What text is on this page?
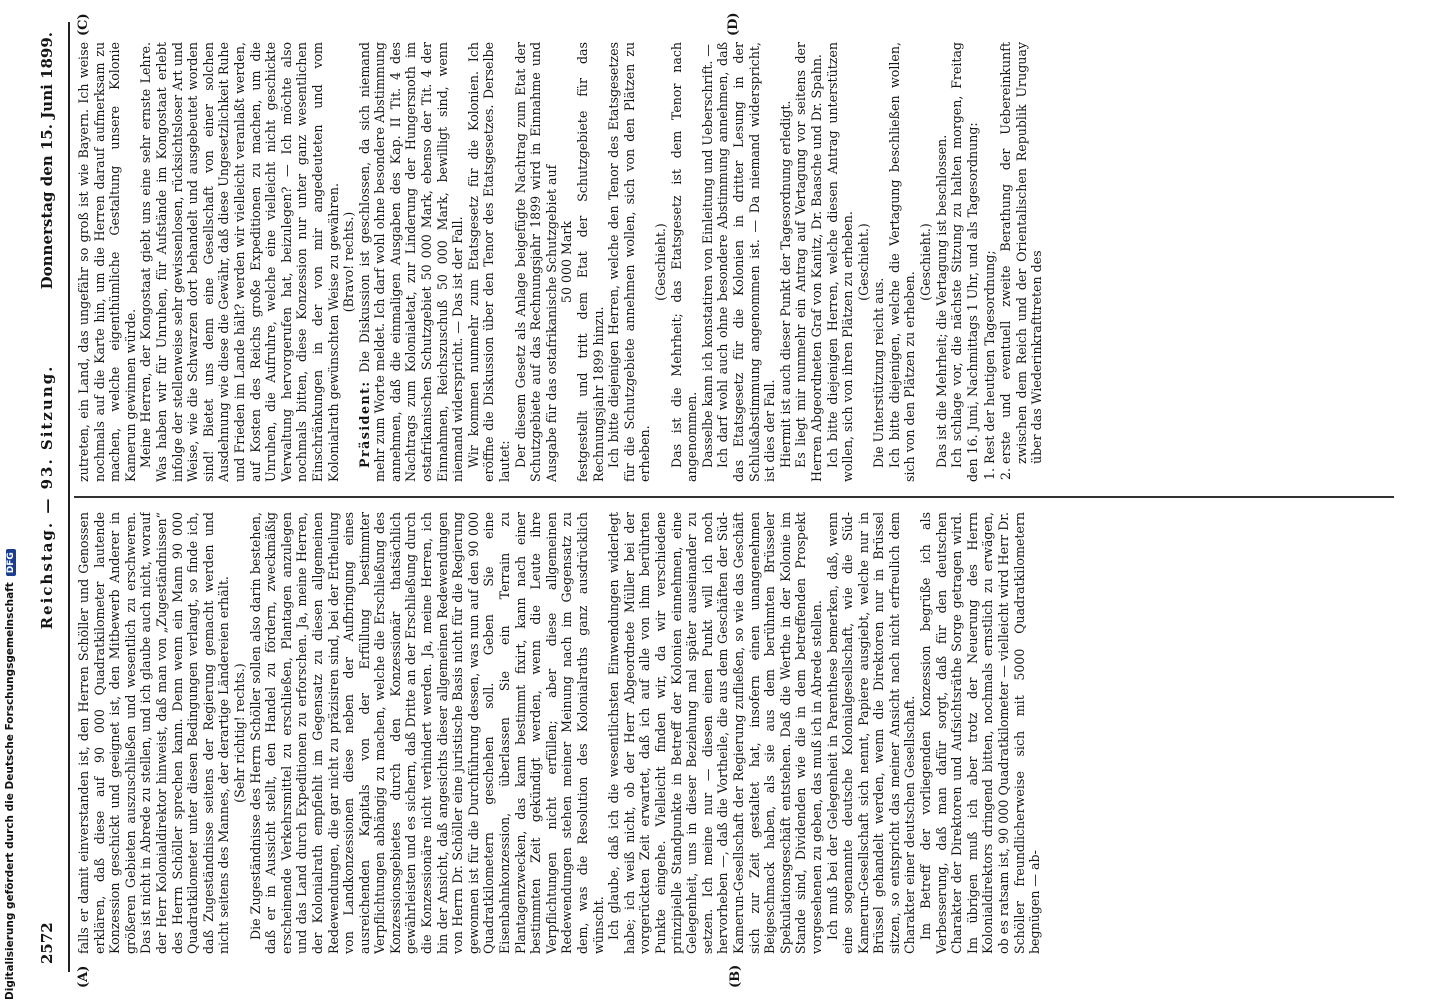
2572
Reichstag. — 93. Sitzung.
Donnerstag den 15. Juni 1899.
(A)	(B)
(C)	(D)

falls er damit einverstanden ist, den Herren Schöller und Genossen erklären, daß diese auf 90 000 Quadratkilometer lautende Konzession geschickt und geeignet ist, den Mitbewerb Anderer in größeren Gebieten auszuschließen und wesentlich zu erschweren. Das ist nicht in Abrede zu stellen, und ich glaube auch nicht, worauf der Herr Kolonialdirektor hinweist, daß man von „Zugeständnissen“ des Herrn Schöller sprechen kann. Denn wenn ein Mann 90 000 Quadratkilometer unter diesen Bedingungen verlangt, so finde ich, daß Zugeständnisse seitens der Regierung gemacht werden und nicht seitens des Mannes, der derartige Ländereien erhält. (Sehr richtig! rechts.) Die Zugeständnisse des Herrn Schöller sollen also darin bestehen, daß er in Aussicht stellt, den Handel zu fördern, zweckmäßig erscheinende Verkehrsmittel zu erschließen, Plantagen anzulegen und das Land durch Expeditionen zu erforschen. Ja, meine Herren, der Kolonialrath empfiehlt im Gegensatz zu diesen allgemeinen Redewendungen, die gar nicht zu präzisiren sind, bei der Ertheilung von Landkonzessionen diese neben der Aufbringung eines ausreichenden Kapitals von der Erfüllung bestimmter Verpflichtungen abhängig zu machen, welche die Erschließung des Konzessionsgebietes durch den Konzessionär thatsächlich gewährleisten und es sichern, daß Dritte an der Erschließung durch die Konzessionäre nicht verhindert werden. Ja, meine Herren, ich bin der Ansicht, daß angesichts dieser allgemeinen Redewendungen von Herrn Dr. Schöller eine juristische Basis nicht für die Regierung gewonnen ist für die Durchführung dessen, was nun auf den 90 000 Quadratkilometern geschehen soll. Geben Sie eine Eisenbahnkonzession, überlassen Sie ein Terrain zu Plantagenzwecken, das kann bestimmt fixirt, kann nach einer bestimmten Zeit gekündigt werden, wenn die Leute ihre Verpflichtungen nicht erfüllen; aber diese allgemeinen Redewendungen stehen meiner Meinung nach im Gegensatz zu dem, was die Resolution des Kolonialraths ganz ausdrücklich wünscht. Ich glaube, daß ich die wesentlichsten Einwendungen widerlegt habe; ich weiß nicht, ob der Herr Abgeordnete Müller bei der vorgerückten Zeit erwartet, daß ich auf alle von ihm berührten Punkte eingehe. Vielleicht finden wir, da wir verschiedene prinzipielle Standpunkte in Betreff der Kolonien einnehmen, eine Gelegenheit, uns in dieser Beziehung mal später auseinander zu setzen. Ich meine nur — diesen einen Punkt will ich noch hervorheben —, daß die Vortheile, die aus dem Geschäften der Süd-Kamerun-Gesellschaft der Regierung zufließen, so wie das Geschäft sich zur Zeit gestaltet hat, insofern einen unangenehmen Beigeschmack haben, als sie aus dem berühmten Brüsseler Spekulationsgeschäft entstehen. Daß die Werthe in der Kolonie im Stande sind, Dividenden wie die in dem betreffenden Prospekt vorgesehenen zu geben, das muß ich in Abrede stellen. Ich muß bei der Gelegenheit in Parenthese bemerken, daß, wenn eine sogenannte deutsche Kolonialgesellschaft, wie die Süd-Kamerun-Gesellschaft sich nennt, Papiere ausgiebt, welche nur in Brüssel gehandelt werden, wenn die Direktoren nur in Brüssel sitzen, so entspricht das meiner Ansicht nach nicht erfreulich dem Charakter einer deutschen Gesellschaft. Im Betreff der vorliegenden Konzession begrüße ich als Verbesserung, daß man dafür sorgt, daß für den deutschen Charakter der Direktoren und Aufsichtsräthe Sorge getragen wird. Im übrigen muß ich aber trotz der Neuerung des Herrn Kolonialdirektors dringend bitten, nochmals ernstlich zu erwägen, ob es ratsam ist, 90 000 Quadratkilometer — vielleicht wird Herr Dr. Schöller freundlicherweise sich mit 5000 Quadratkilometern begnügen — ab-

zutreten, ein Land, das ungefähr so groß ist wie Bayern. Ich weise nochmals auf die Karte hin, um die Herren darauf aufmerksam zu machen, welche eigenthümliche Gestaltung unsere Kolonie Kamerun gewinnen würde. Meine Herren, der Kongostaat giebt uns eine sehr ernste Lehre. Was haben wir für Unruhen, für Aufstände im Kongostaat erlebt infolge der stellenweise sehr gewissenlosen, rücksichtsloser Art und Weise, wie die Schwarzen dort behandelt und ausgebeutet worden sind! Bietet uns denn eine Gesellschaft von einer solchen Ausdehnung wie diese die Gewähr, daß diese Ungesetzlichkeit Ruhe und Frieden im Lande hält? werden wir vielleicht veranlaßt werden, auf Kosten des Reichs große Expeditionen zu machen, um die Unruhen, die Aufruhre, welche eine vielleicht nicht geschickte Verwaltung hervorgerufen hat, beizulegen? — Ich möchte also nochmals bitten, diese Konzession nur unter ganz wesentlichen Einschränkungen in der von mir angedeuteten und vom Kolonialrath gewünschten Weise zu gewähren. (Bravo! rechts.)

Präsident: Die Diskussion ist geschlossen, da sich niemand mehr zum Worte meldet. Ich darf wohl ohne besondere Abstimmung annehmen, daß die einmaligen Ausgaben des Kap. II Tit. 4 des Nachtrags zum Kolonialetat, zur Linderung der Hungersnoth im ostafrikanischen Schutzgebiet 50 000 Mark, ebenso der Tit. 4 der Einnahmen, Reichszuschuß 50 000 Mark, bewilligt sind, wenn niemand widerspricht. — Das ist der Fall. Wir kommen nunmehr zum Etatsgesetz für die Kolonien. Ich eröffne die Diskussion über den Tenor des Etatsgesetzes. Derselbe lautet: Der diesem Gesetz als Anlage beigefügte Nachtrag zum Etat der Schutzgebiete auf das Rechnungsjahr 1899 wird in Einnahme und Ausgabe für das ostafrikanische Schutzgebiet auf 50 000 Mark festgestellt und tritt dem Etat der Schutzgebiete für das Rechnungsjahr 1899 hinzu. Ich bitte diejenigen Herren, welche den Tenor des Etatsgesetzes für die Schutzgebiete annehmen wollen, sich von den Plätzen zu erheben.

(Geschieht.) Das ist die Mehrheit; das Etatsgesetz ist dem Tenor nach angenommen. Dasselbe kann ich konstatiren von Einleitung und Ueberschrift. — Ich darf wohl auch ohne besondere Abstimmung annehmen, daß das Etatsgesetz für die Kolonien in dritter Lesung in der Schlußabstimmung angenommen ist. — Da niemand widerspricht, ist dies der Fall. Hiermit ist auch dieser Punkt der Tagesordnung erledigt. Es liegt mir nunmehr ein Antrag auf Vertagung vor seitens der Herren Abgeordneten Graf von Kanitz, Dr. Baasche und Dr. Spahn. Ich bitte diejenigen Herren, welche diesen Antrag unterstützen wollen, sich von ihren Plätzen zu erheben. (Geschieht.)

Die Unterstützung reicht aus. Ich bitte diejenigen, welche die Vertagung beschließen wollen, sich von den Plätzen zu erheben.

(Geschieht.) Das ist die Mehrheit; die Vertagung ist beschlossen. Ich schlage vor, die nächste Sitzung zu halten morgen, Freitag den 16. Juni, Nachmittags 1 Uhr, und als Tagesordnung: 1. Rest der heutigen Tagesordnung; 2. erste und eventuell zweite Berathung der Uebereinkunft zwischen dem Reich und der Orientalischen Republik Uruguay über das Wiederinkrafttreten des
Digitalisierung gefördert durch die Deutsche ForschungsgemeinschaftDFG
